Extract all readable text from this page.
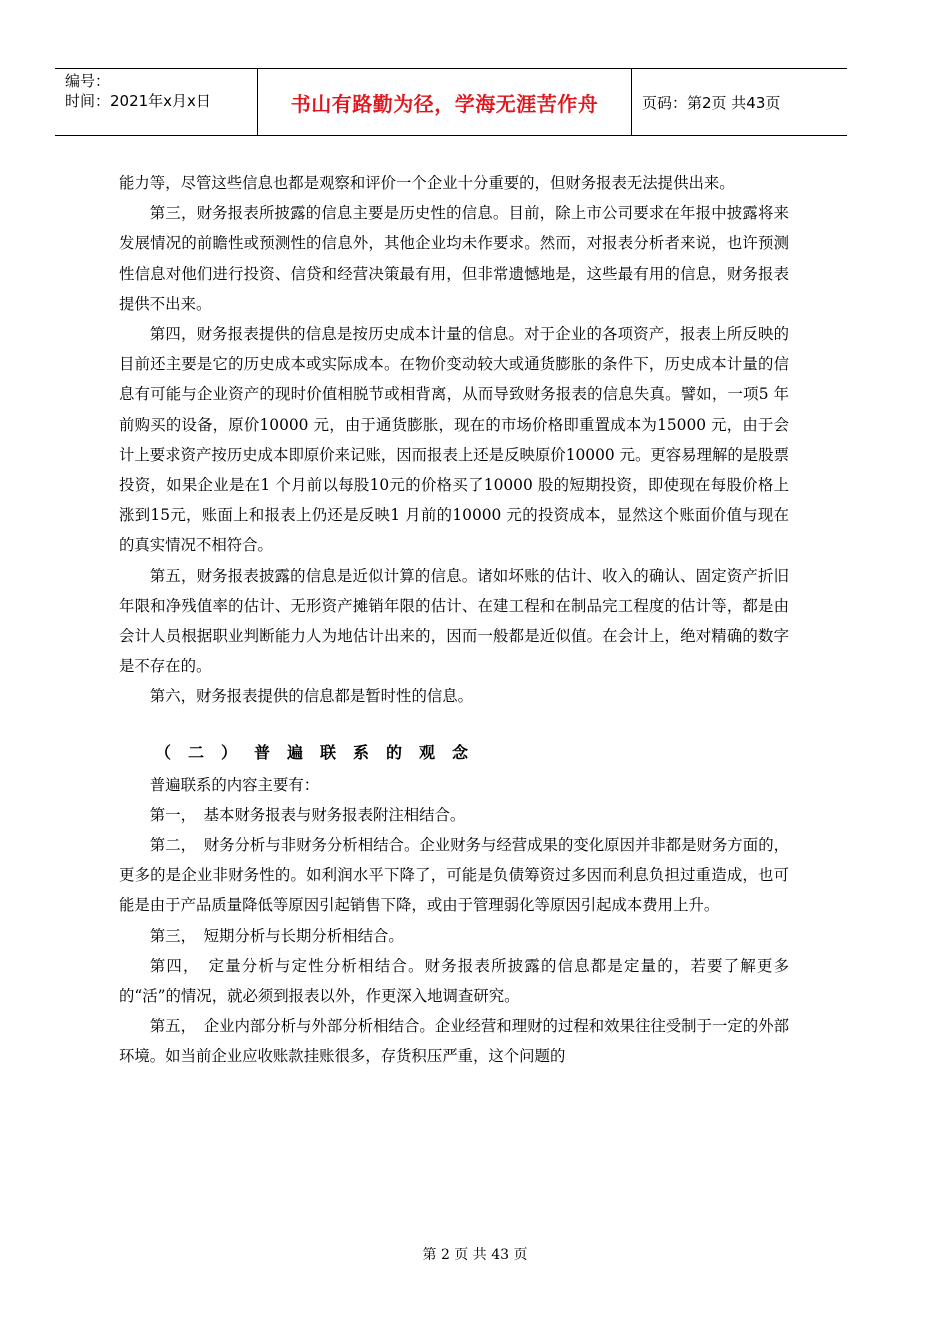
编号：
时间：2021年x月x日	书山有路勤为径，学海无涯苦作舟	页码：第2页 共43页

能力等，尽管这些信息也都是观察和评价一个企业十分重要的，但财务报表无法提供出来。

第三，财务报表所披露的信息主要是历史性的信息。目前，除上市公司要求在年报中披露将来发展情况的前瞻性或预测性的信息外，其他企业均未作要求。然而，对报表分析者来说，也许预测性信息对他们进行投资、信贷和经营决策最有用，但非常遗憾地是，这些最有用的信息，财务报表提供不出来。

第四，财务报表提供的信息是按历史成本计量的信息。对于企业的各项资产，报表上所反映的目前还主要是它的历史成本或实际成本。在物价变动较大或通货膨胀的条件下，历史成本计量的信息有可能与企业资产的现时价值相脱节或相背离，从而导致财务报表的信息失真。譬如，一项5 年前购买的设备，原价10000 元，由于通货膨胀，现在的市场价格即重置成本为15000 元，由于会计上要求资产按历史成本即原价来记账，因而报表上还是反映原价10000 元。更容易理解的是股票投资，如果企业是在1 个月前以每股10元的价格买了10000 股的短期投资，即使现在每股价格上涨到15元，账面上和报表上仍还是反映1 月前的10000 元的投资成本，显然这个账面价值与现在的真实情况不相符合。

第五，财务报表披露的信息是近似计算的信息。诸如坏账的估计、收入的确认、固定资产折旧年限和净残值率的估计、无形资产摊销年限的估计、在建工程和在制品完工程度的估计等，都是由会计人员根据职业判断能力人为地估计出来的，因而一般都是近似值。在会计上，绝对精确的数字是不存在的。

第六，财务报表提供的信息都是暂时性的信息。

（二）普遍联系的观念

普遍联系的内容主要有：

第一，　基本财务报表与财务报表附注相结合。

第二，　财务分析与非财务分析相结合。企业财务与经营成果的变化原因并非都是财务方面的，更多的是企业非财务性的。如利润水平下降了，可能是负债筹资过多因而利息负担过重造成，也可能是由于产品质量降低等原因引起销售下降，或由于管理弱化等原因引起成本费用上升。

第三，　短期分析与长期分析相结合。

第四，　定量分析与定性分析相结合。财务报表所披露的信息都是定量的，若要了解更多的“活”的情况，就必须到报表以外，作更深入地调查研究。

第五，　企业内部分析与外部分析相结合。企业经营和理财的过程和效果往往受制于一定的外部环境。如当前企业应收账款挂账很多，存货积压严重，这个问题的

第 2 页 共 43 页
